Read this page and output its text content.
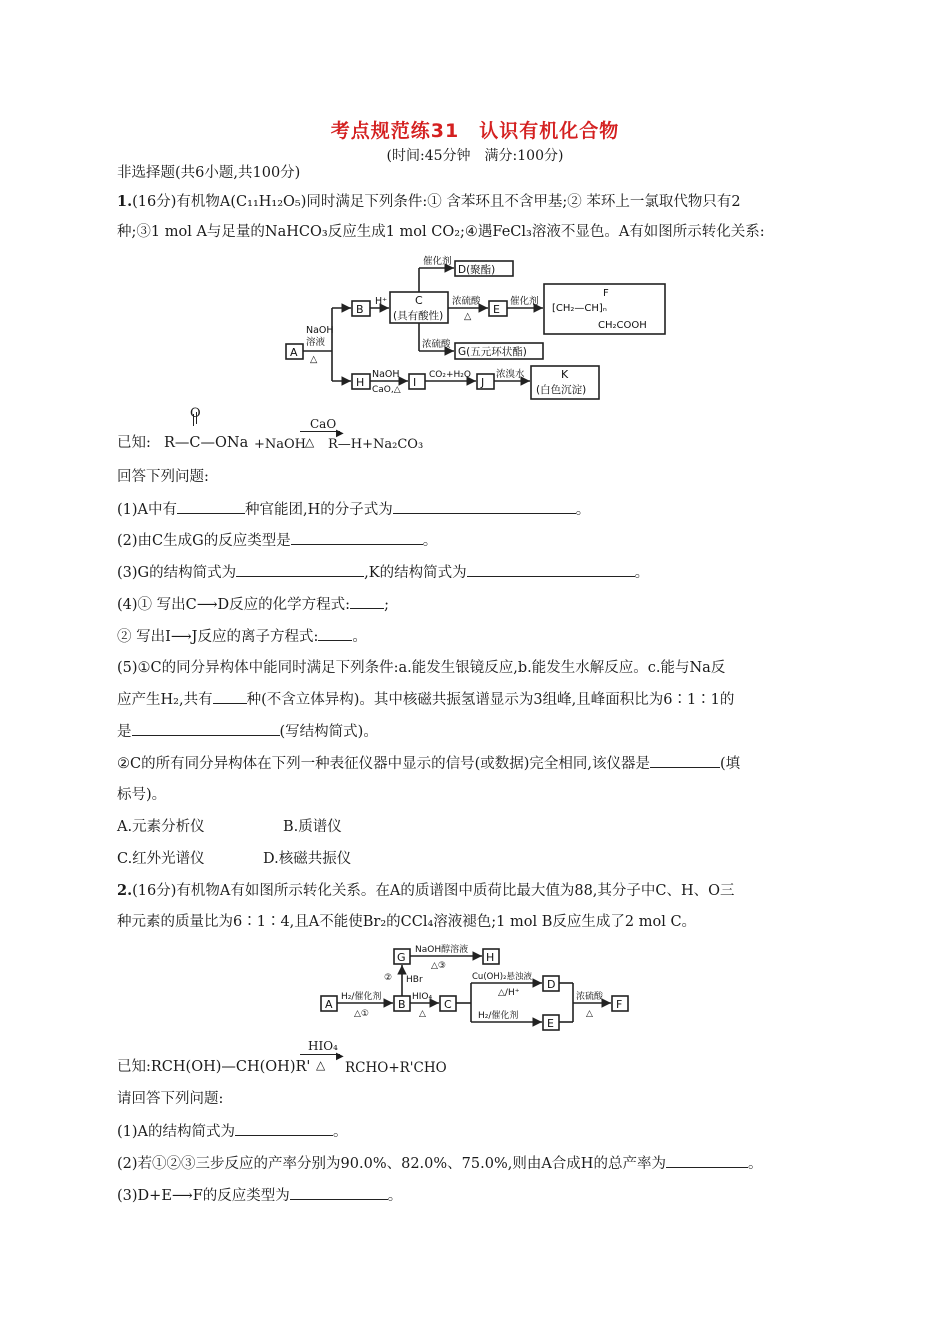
考点规范练31　认识有机化合物
(时间:45分钟　满分:100分)
非选择题(共6小题,共100分)
1.(16分)有机物A(C₁₁H₁₂O₅)同时满足下列条件:① 含苯环且不含甲基;② 苯环上一氯取代物只有2
种;③1 mol A与足量的NaHCO₃反应生成1 mol CO₂;④遇FeCl₃溶液不显色。A有如图所示转化关系:
A
B
C
(具有酸性)
D(聚酯)
E
F
[CH₂—CH]ₙ
CH₂COOH
G(五元环状酯)
H	I	J
K
(白色沉淀)
催化剂
H⁺
NaOH
溶液
△
浓硫酸
△
催化剂
浓硫酸
NaOH
CaO,△
CO₂+H₂O	浓溴水
O
已知: R—C—ONa +NaOH
CaO
▶
△ R—H+Na₂CO₃
回答下列问题:
(1)A中有	种官能团,H的分子式为	。
(2)由C生成G的反应类型是	。
(3)G的结构简式为	,K的结构简式为	。
(4)① 写出C⟶D反应的化学方程式: ;
② 写出I⟶J反应的离子方程式: 。
(5)①C的同分异构体中能同时满足下列条件:a.能发生银镜反应,b.能发生水解反应。c.能与Na反
应产生H₂,共有 种(不含立体异构)。其中核磁共振氢谱显示为3组峰,且峰面积比为6∶1∶1的
是	(写结构简式)。
②C的所有同分异构体在下列一种表征仪器中显示的信号(或数据)完全相同,该仪器是	(填
标号)。
A.元素分析仪	B.质谱仪
C.红外光谱仪	D.核磁共振仪
2.(16分)有机物A有如图所示转化关系。在A的质谱图中质荷比最大值为88,其分子中C、H、O三
种元素的质量比为6∶1∶4,且A不能使Br₂的CCl₄溶液褪色;1 mol B反应生成了2 mol C。
A	B
G	H
C
D
E
F
H₂/催化剂
△①
② HBr
NaOH醇溶液
△③
HIO₄
△
Cu(OH)₂悬浊液
△/H⁺
H₂/催化剂
浓硫酸
△
已知:RCH(OH)—CH(OH)R'
HIO₄
▶
△ RCHO+R'CHO
请回答下列问题:
(1)A的结构简式为	。
(2)若①②③三步反应的产率分别为90.0%、82.0%、75.0%,则由A合成H的总产率为	。
(3)D+E⟶F的反应类型为	。
